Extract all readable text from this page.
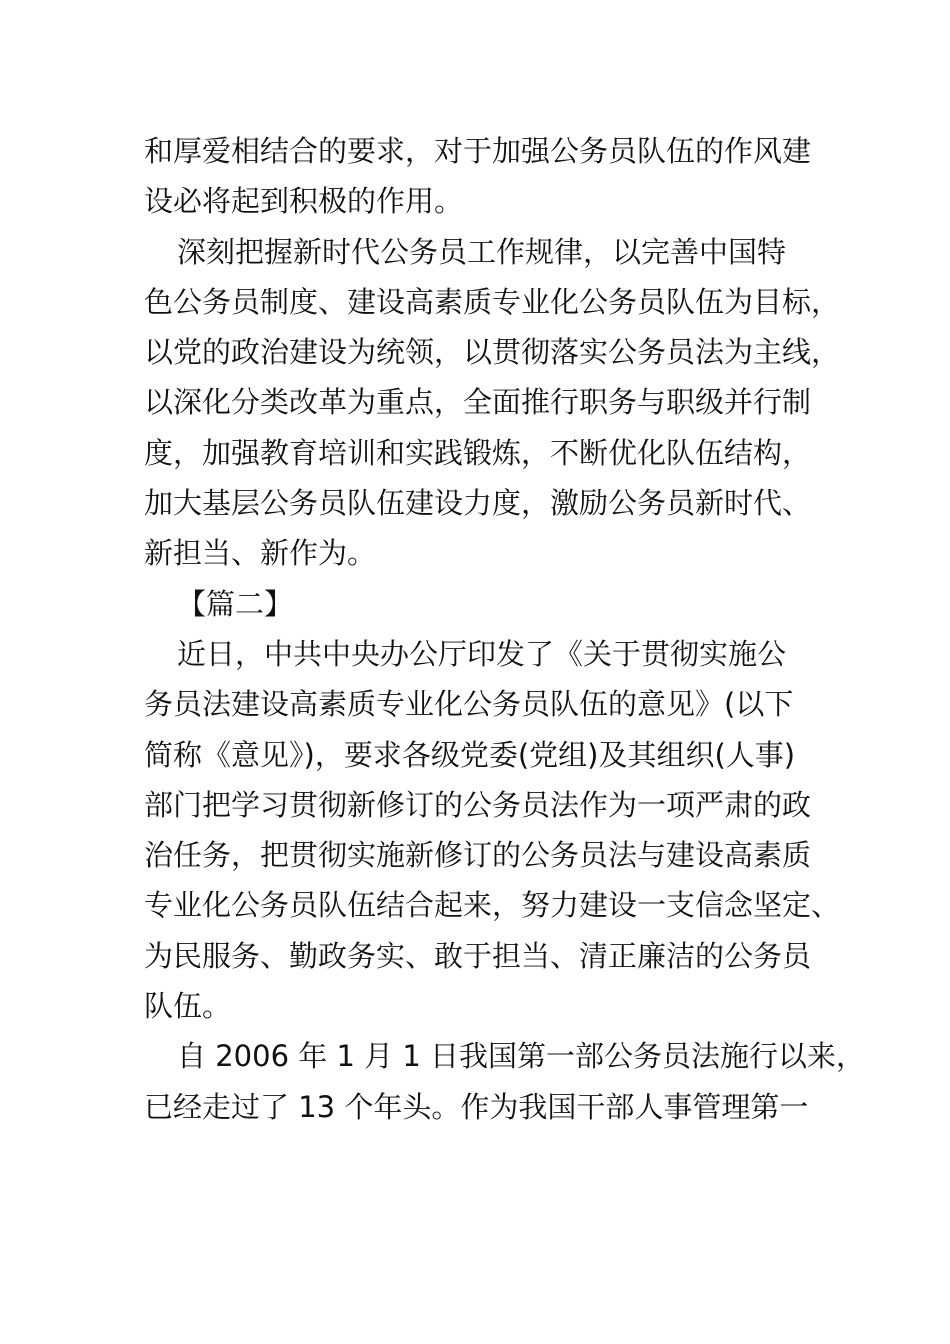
和厚爱相结合的要求，对于加强公务员队伍的作风建
设必将起到积极的作用。
深刻把握新时代公务员工作规律，以完善中国特
色公务员制度、建设高素质专业化公务员队伍为目标，
以党的政治建设为统领，以贯彻落实公务员法为主线，
以深化分类改革为重点，全面推行职务与职级并行制
度，加强教育培训和实践锻炼，不断优化队伍结构，
加大基层公务员队伍建设力度，激励公务员新时代、
新担当、新作为。
【篇二】
近日，中共中央办公厅印发了《关于贯彻实施公
务员法建设高素质专业化公务员队伍的意见》(以下
简称《意见》)，要求各级党委(党组)及其组织(人事)
部门把学习贯彻新修订的公务员法作为一项严肃的政
治任务，把贯彻实施新修订的公务员法与建设高素质
专业化公务员队伍结合起来，努力建设一支信念坚定、
为民服务、勤政务实、敢于担当、清正廉洁的公务员
队伍。
自 2006 年 1 月 1 日我国第一部公务员法施行以来，
已经走过了 13 个年头。作为我国干部人事管理第一
